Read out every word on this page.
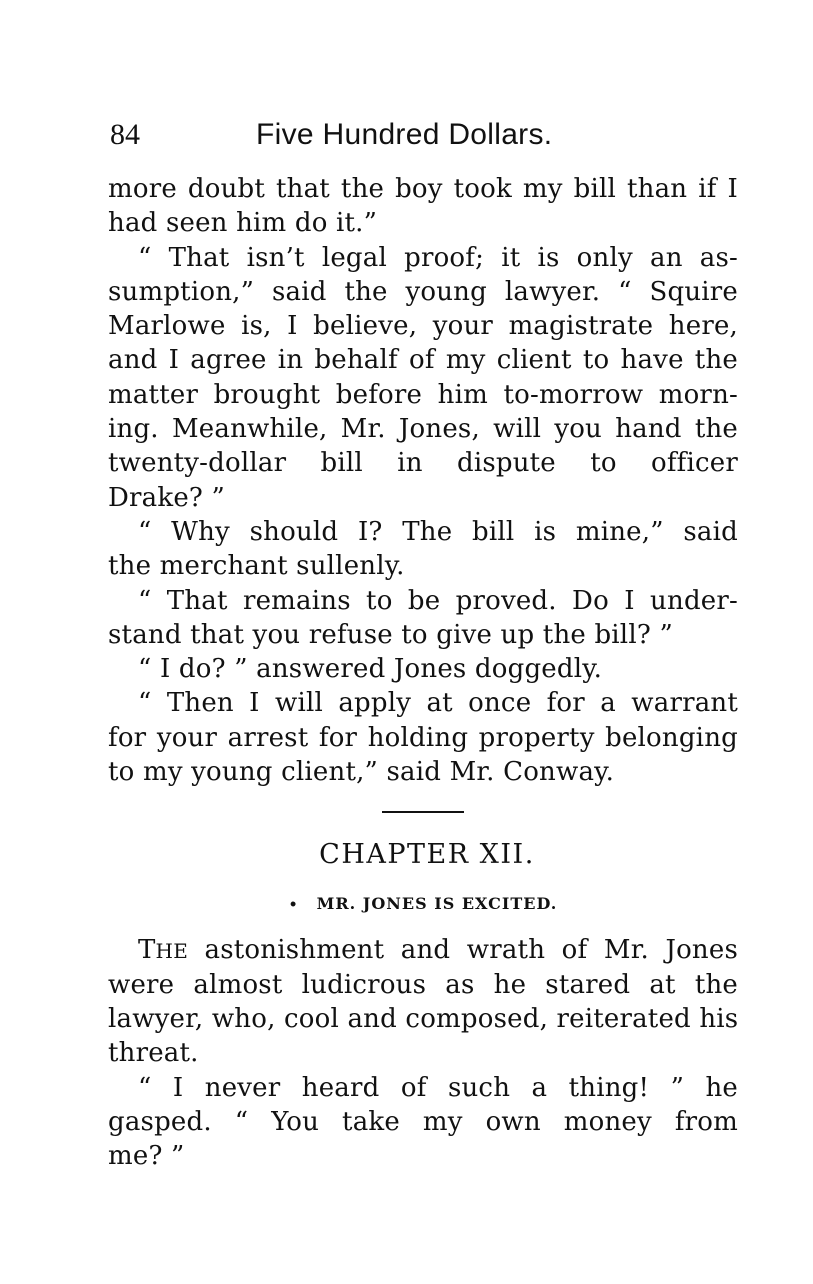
84	Five Hundred Dollars.
more doubt that the boy took my bill than if I
had seen him do it.”
“ That isn’t legal proof; it is only an as-
sumption,” said the young lawyer. “ Squire
Marlowe is, I believe, your magistrate here,
and I agree in behalf of my client to have the
matter brought before him to-morrow morn-
ing. Meanwhile, Mr. Jones, will you hand the
twenty-dollar bill in dispute to officer
Drake? ”
“ Why should I? The bill is mine,” said
the merchant sullenly.
“ That remains to be proved. Do I under-
stand that you refuse to give up the bill? ”
“ I do? ” answered Jones doggedly.
“ Then I will apply at once for a warrant
for your arrest for holding property belonging
to my young client,” said Mr. Conway.
CHAPTER XII.
• MR. JONES IS EXCITED.
THE astonishment and wrath of Mr. Jones
were almost ludicrous as he stared at the
lawyer, who, cool and composed, reiterated his
threat.
“ I never heard of such a thing! ” he
gasped. “ You take my own money from
me? ”
